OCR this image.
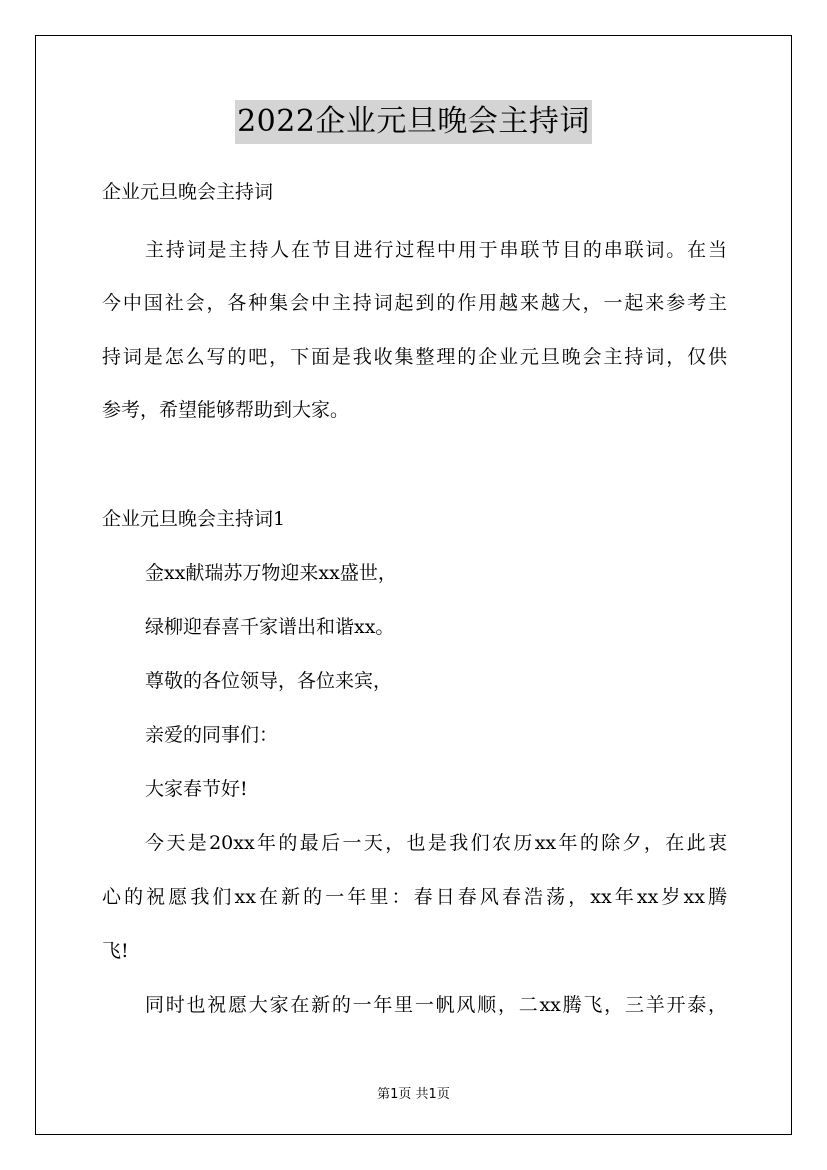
2022企业元旦晚会主持词
企业元旦晚会主持词
主持词是主持人在节目进行过程中用于串联节目的串联词。在当
今中国社会，各种集会中主持词起到的作用越来越大，一起来参考主
持词是怎么写的吧，下面是我收集整理的企业元旦晚会主持词，仅供
参考，希望能够帮助到大家。
企业元旦晚会主持词1
金xx献瑞苏万物迎来xx盛世，
绿柳迎春喜千家谱出和谐xx。
尊敬的各位领导，各位来宾，
亲爱的同事们：
大家春节好!
今天是20xx年的最后一天，也是我们农历xx年的除夕，在此衷
心的祝愿我们xx在新的一年里：春日春风春浩荡，xx年xx岁xx腾
飞!
同时也祝愿大家在新的一年里一帆风顺，二xx腾飞，三羊开泰，
第1页 共1页
